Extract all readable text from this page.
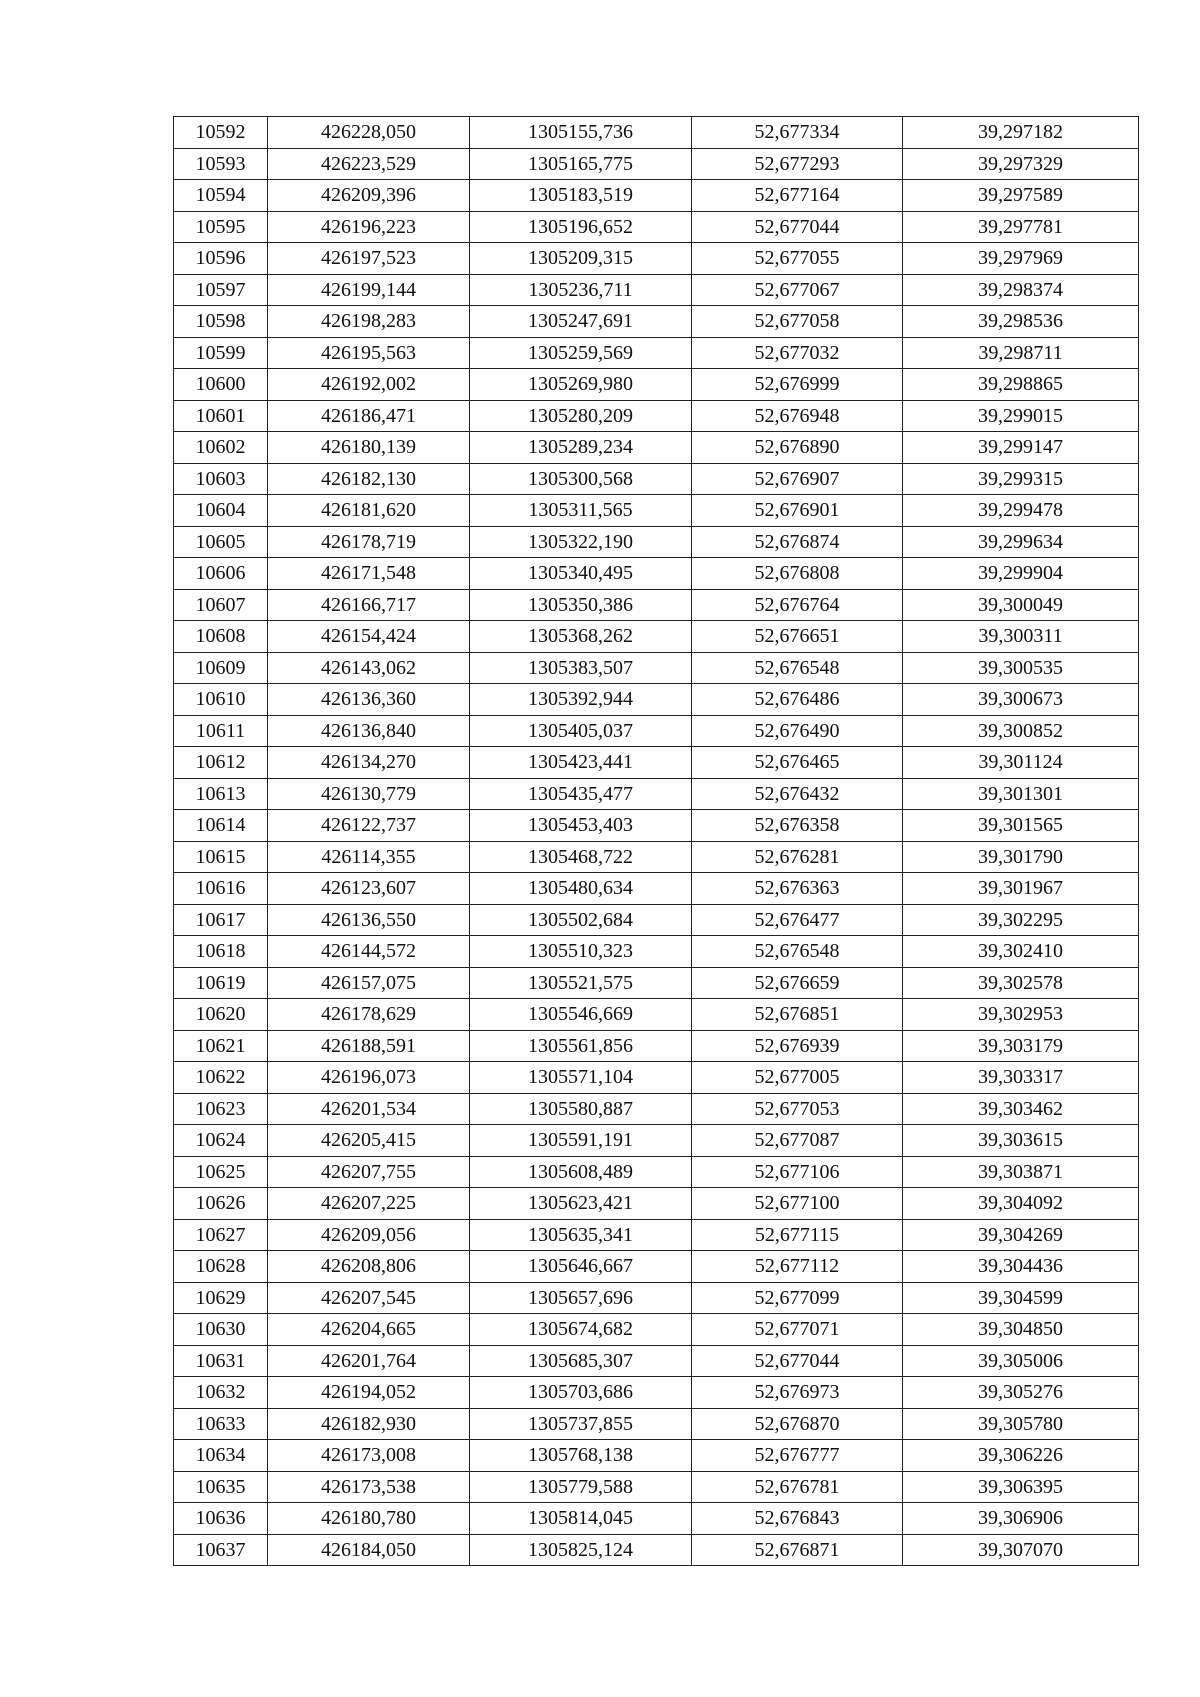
10592	426228,050	1305155,736	52,677334	39,297182
10593	426223,529	1305165,775	52,677293	39,297329
10594	426209,396	1305183,519	52,677164	39,297589
10595	426196,223	1305196,652	52,677044	39,297781
10596	426197,523	1305209,315	52,677055	39,297969
10597	426199,144	1305236,711	52,677067	39,298374
10598	426198,283	1305247,691	52,677058	39,298536
10599	426195,563	1305259,569	52,677032	39,298711
10600	426192,002	1305269,980	52,676999	39,298865
10601	426186,471	1305280,209	52,676948	39,299015
10602	426180,139	1305289,234	52,676890	39,299147
10603	426182,130	1305300,568	52,676907	39,299315
10604	426181,620	1305311,565	52,676901	39,299478
10605	426178,719	1305322,190	52,676874	39,299634
10606	426171,548	1305340,495	52,676808	39,299904
10607	426166,717	1305350,386	52,676764	39,300049
10608	426154,424	1305368,262	52,676651	39,300311
10609	426143,062	1305383,507	52,676548	39,300535
10610	426136,360	1305392,944	52,676486	39,300673
10611	426136,840	1305405,037	52,676490	39,300852
10612	426134,270	1305423,441	52,676465	39,301124
10613	426130,779	1305435,477	52,676432	39,301301
10614	426122,737	1305453,403	52,676358	39,301565
10615	426114,355	1305468,722	52,676281	39,301790
10616	426123,607	1305480,634	52,676363	39,301967
10617	426136,550	1305502,684	52,676477	39,302295
10618	426144,572	1305510,323	52,676548	39,302410
10619	426157,075	1305521,575	52,676659	39,302578
10620	426178,629	1305546,669	52,676851	39,302953
10621	426188,591	1305561,856	52,676939	39,303179
10622	426196,073	1305571,104	52,677005	39,303317
10623	426201,534	1305580,887	52,677053	39,303462
10624	426205,415	1305591,191	52,677087	39,303615
10625	426207,755	1305608,489	52,677106	39,303871
10626	426207,225	1305623,421	52,677100	39,304092
10627	426209,056	1305635,341	52,677115	39,304269
10628	426208,806	1305646,667	52,677112	39,304436
10629	426207,545	1305657,696	52,677099	39,304599
10630	426204,665	1305674,682	52,677071	39,304850
10631	426201,764	1305685,307	52,677044	39,305006
10632	426194,052	1305703,686	52,676973	39,305276
10633	426182,930	1305737,855	52,676870	39,305780
10634	426173,008	1305768,138	52,676777	39,306226
10635	426173,538	1305779,588	52,676781	39,306395
10636	426180,780	1305814,045	52,676843	39,306906
10637	426184,050	1305825,124	52,676871	39,307070
